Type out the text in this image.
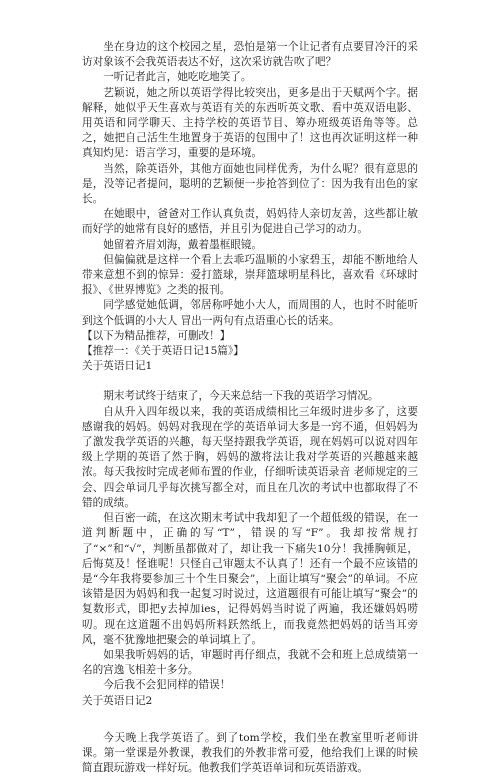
坐在身边的这个校园之星，恐怕是第一个让记者有点要冒冷汗的采访对象该不会我英语表达不好，这次采访就告吹了吧？

一听记者此言，她吃吃地笑了。

艺颖说，她之所以英语学得比较突出，更多是出于天赋两个字。据解释，她似乎天生喜欢与英语有关的东西听英文歌、看中英双语电影、用英语和同学聊天、主持学校的英语节目、筹办班级英语角等等。总之，她把自己活生生地置身于英语的包围中了！这也再次证明这样一种真知灼见：语言学习，重要的是环境。

当然，除英语外，其他方面她也同样优秀，为什么呢？很有意思的是，没等记者提问，聪明的艺颖便一步抢答到位了：因为我有出色的家长。

在她眼中，爸爸对工作认真负责，妈妈待人亲切友善，这些都让敏而好学的她常有良好的感悟，并且引为促进自己学习的动力。

她留着齐眉刘海，戴着墨框眼镜。

但偏偏就是这样一个看上去乖巧温顺的小家碧玉，却能不断地给人带来意想不到的惊异：爱打篮球，崇拜篮球明星科比，喜欢看《环球时报》、《世界博览》之类的报刊。

同学感觉她低调，邻居称呼她小大人，而周围的人，也时不时能听到这个低调的小大人 冒出一两句有点语重心长的话来。

【以下为精品推荐，可删改！】

【推荐一：《关于英语日记15篇》】

关于英语日记1

期末考试终于结束了，今天来总结一下我的英语学习情况。

自从升入四年级以来，我的英语成绩相比三年级时进步多了，这要感谢我的妈妈。妈妈对我现在学的英语单词大多是一窍不通，但妈妈为了激发我学英语的兴趣，每天坚持跟我学英语，现在妈妈可以说对四年级上学期的英语了然于胸，妈妈的激将法让我对学英语的兴趣越来越浓。每天我按时完成老师布置的作业，仔细听读英语录音 老师规定的三会、四会单词几乎每次挑写都全对，而且在几次的考试中也都取得了不错的成绩。

但百密一疏，在这次期末考试中我却犯了一个超低级的错误，在一道判断题中，正确的写“T”，错误的写“F”。我却按常规打了“×”和“√”，判断虽都做对了，却让我一下痛失10分！我捶胸顿足，后悔莫及！怪谁呢！只怪自己审题太不认真了！还有一个最不应该错的是“今年我将要参加三十个生日聚会”，上面让填写“聚会”的单词。不应该错是因为妈妈和我一起复习时说过，这道题很有可能让填写“聚会”的复数形式，即把y去掉加ies，记得妈妈当时说了两遍，我还嫌妈妈唠叨。现在这道题不出妈妈所料跃然纸上，而我竟然把妈妈的话当耳旁风，毫不犹豫地把聚会的单词填上了。

如果我听妈妈的话，审题时再仔细点，我就不会和班上总成绩第一名的宫逸飞相差十多分。

今后我不会犯同样的错误！

关于英语日记2

今天晚上我学英语了。到了tom学校，我们坐在教室里听老师讲课。第一堂课是外教课，教我们的外教非常可爱，他给我们上课的时候简直跟玩游戏一样好玩。他教我们学英语单词和玩英语游戏。
